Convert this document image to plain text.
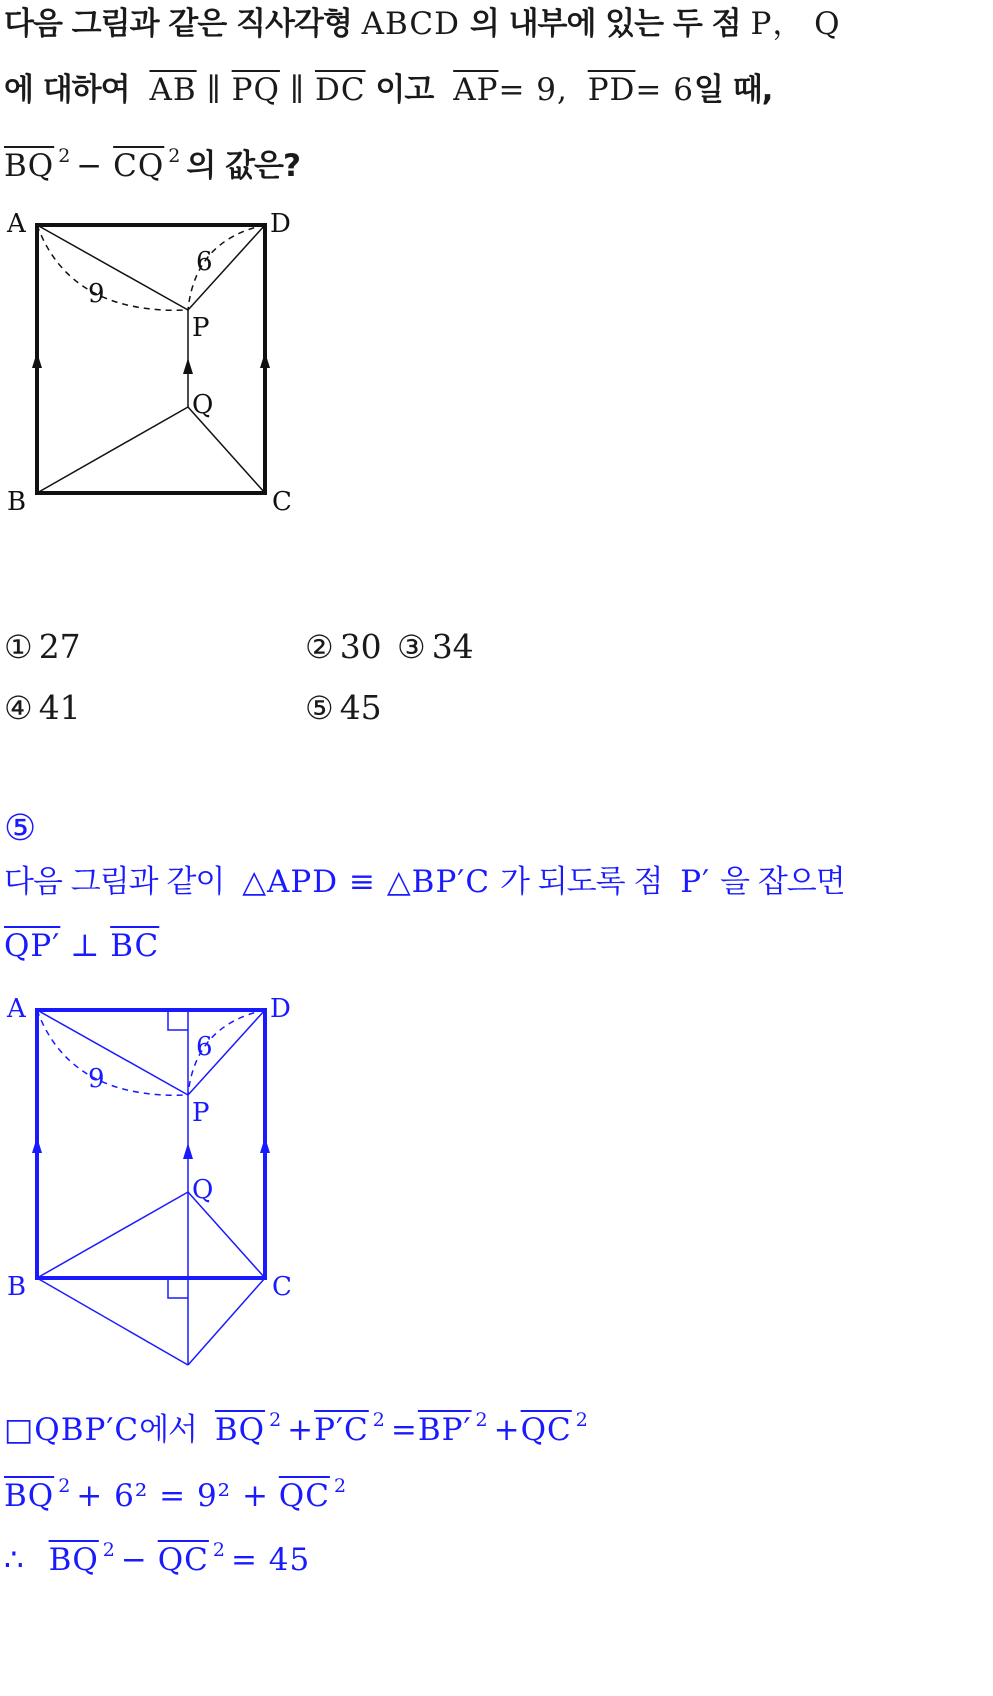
다음 그림과 같은 직사각형 ABCD 의 내부에 있는 두 점 P， Q
에 대하여 $\overline{AB}$ ∥ $\overline{PQ}$ ∥ $\overline{DC}$ 이고 $\overline{AP}= 9$, $\overline{PD}= 6$일 때,
$\overline{BQ}$ $^2 - \overline{CQ}$ $^2$ 의 값은?
A	D
B	C
P
Q
9
6
① 27	② 30 ③ 34
④ 41	⑤ 45
⑤
다음 그림과 같이 △APD ≡ △BP′C 가 되도록 점 P′ 을 잡으면
QP′ ⊥ $\overline{BC}$
A	D
B	C
P
Q
9
6
□QBP′C에서 $\overline{BQ}$ $^2$ +P′C $^2$ =BP′ $^2 +\overline{QC}$ $^2$
$\overline{BQ}$ $^2 + 6^2 = 9^2 + \overline{QC}$ $^2$
∴ $\overline{BQ}$ $^2 - \overline{QC}$ $^2$ = 45
